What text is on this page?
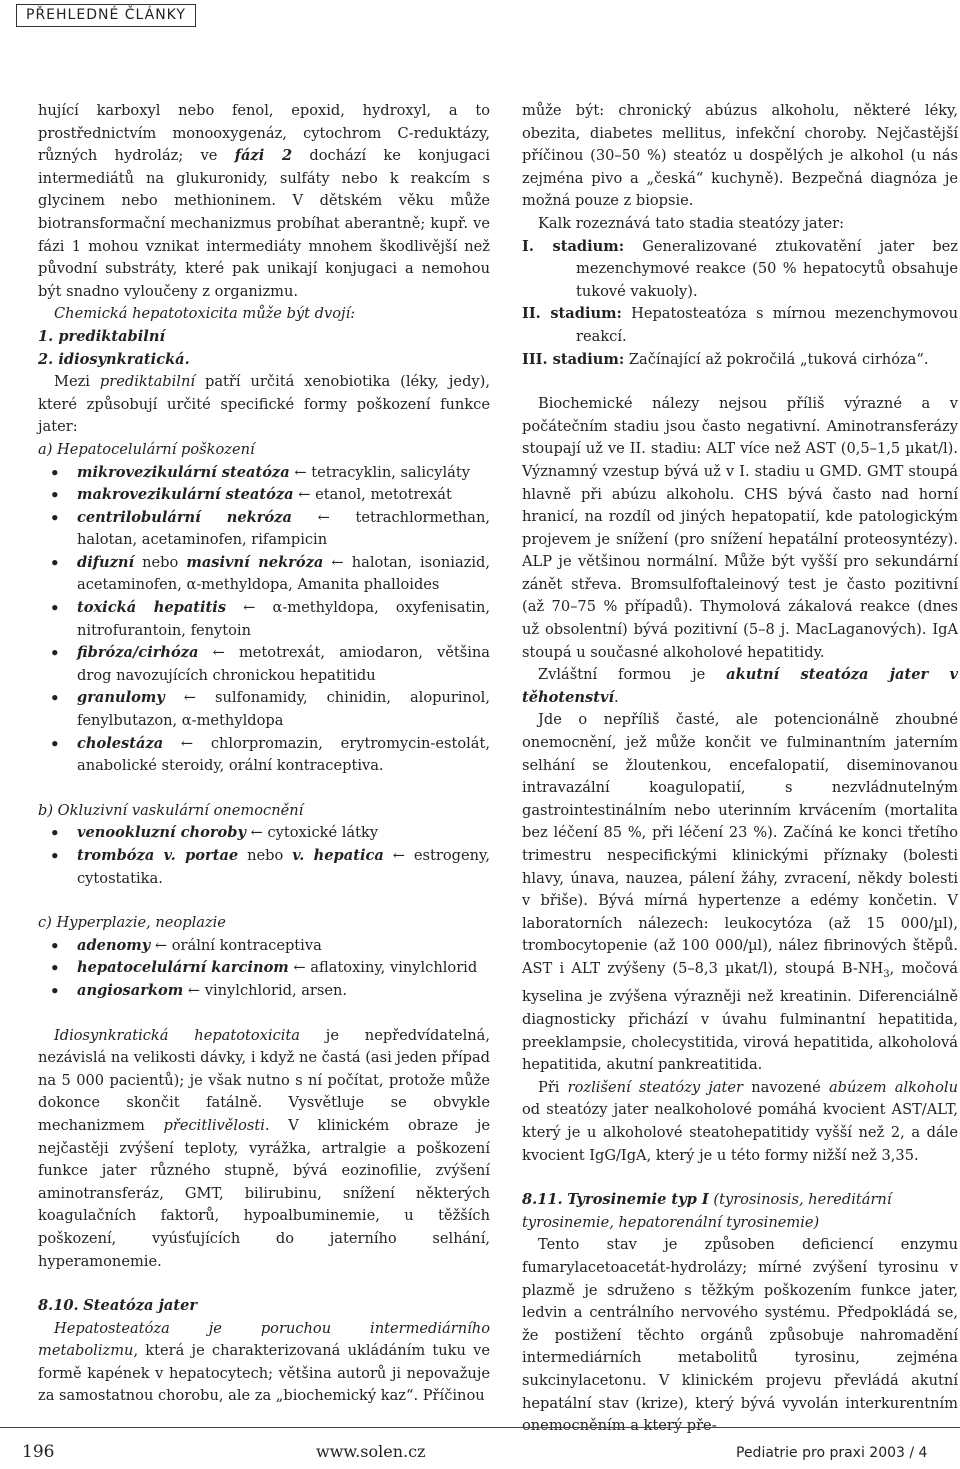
PŘEHLEDNÉ ČLÁNKY

hující karboxyl nebo fenol, epoxid, hydroxyl, a to prostřednictvím monooxygenáz, cytochrom C-reduktázy, různých hydroláz; ve fázi 2 dochází ke konjugaci intermediátů na glukuronidy, sulfáty nebo k reakcím s glycinem nebo methioninem. V dětském věku může biotransformační mechanizmus probíhat aberantně; kupř. ve fázi 1 mohou vznikat intermediáty mnohem škodlivější než původní substráty, které pak unikají konjugaci a nemohou být snadno vyloučeny z organizmu.

Chemická hepatotoxicita může být dvojí:

1. prediktabilní

2. idiosynkratická.

Mezi prediktabilní patří určitá xenobiotika (léky, jedy), které způsobují určité specifické formy poškození funkce jater:

a) Hepatocelulární poškození

• mikrovezikulární steatóza ← tetracyklin, salicyláty
• makrovezikulární steatóza ← etanol, metotrexát
• centrilobulární nekróza ← tetrachlormethan, halotan, acetaminofen, rifampicin
• difuzní nebo masivní nekróza ← halotan, isoniazid, acetaminofen, α-methyldopa, Amanita phalloides
• toxická hepatitis ← α-methyldopa, oxyfenisatin, nitrofurantoin, fenytoin
• fibróza/cirhóza ← metotrexát, amiodaron, většina drog navozujících chronickou hepatitidu
• granulomy ← sulfonamidy, chinidin, alopurinol, fenylbutazon, α-methyldopa
• cholestáza ← chlorpromazin, erytromycin-estolát, anabolické steroidy, orální kontraceptiva.

b) Okluzivní vaskulární onemocnění

• venookluzní choroby ← cytoxické látky
• trombóza v. portae nebo v. hepatica ← estrogeny, cytostatika.

c) Hyperplazie, neoplazie

• adenomy ← orální kontraceptiva
• hepatocelulární karcinom ← aflatoxiny, vinylchlorid
• angiosarkom ← vinylchlorid, arsen.

Idiosynkratická hepatotoxicita je nepředvídatelná, nezávislá na velikosti dávky, i když ne častá (asi jeden případ na 5 000 pacientů); je však nutno s ní počítat, protože může dokonce skončit fatálně. Vysvětluje se obvykle mechanizmem přecitlivělosti. V klinickém obraze je nejčastěji zvýšení teploty, vyrážka, artralgie a poškození funkce jater různého stupně, bývá eozinofilie, zvýšení aminotransferáz, GMT, bilirubinu, snížení některých koagulačních faktorů, hypoalbuminemie, u těžších poškození, vyúsťujících do jaterního selhání, hyperamonemie.

8.10. Steatóza jater

Hepatosteatóza je poruchou intermediárního metabolizmu, která je charakterizovaná ukládáním tuku ve formě kapének v hepatocytech; většina autorů ji nepovažuje za samostatnou chorobu, ale za „biochemický kaz“. Příčinou

může být: chronický abúzus alkoholu, některé léky, obezita, diabetes mellitus, infekční choroby. Nejčastější příčinou (30–50 %) steatóz u dospělých je alkohol (u nás zejména pivo a „česká“ kuchyně). Bezpečná diagnóza je možná pouze z biopsie.

Kalk rozeznává tato stadia steatózy jater:

I. stadium: Generalizované ztukovatění jater bez mezenchymové reakce (50 % hepatocytů obsahuje tukové vakuoly).

II. stadium: Hepatosteatóza s mírnou mezenchymovou reakcí.

III. stadium: Začínající až pokročilá „tuková cirhóza“.

Biochemické nálezy nejsou příliš výrazné a v počátečním stadiu jsou často negativní. Aminotransferázy stoupají už ve II. stadiu: ALT více než AST (0,5–1,5 µkat/l). Významný vzestup bývá už v I. stadiu u GMD. GMT stoupá hlavně při abúzu alkoholu. CHS bývá často nad horní hranicí, na rozdíl od jiných hepatopatií, kde patologickým projevem je snížení (pro snížení hepatální proteosyntézy). ALP je většinou normální. Může být vyšší pro sekundární zánět střeva. Bromsulfoftaleinový test je často pozitivní (až 70–75 % případů). Thymolová zákalová reakce (dnes už obsolentní) bývá pozitivní (5–8 j. MacLaganových). IgA stoupá u současné alkoholové hepatitidy.

Zvláštní formou je akutní steatóza jater v těhotenství.

Jde o nepříliš časté, ale potencionálně zhoubné onemocnění, jež může končit ve fulminantním jaterním selhání se žloutenkou, encefalopatií, diseminovanou intravazální koagulopatií, s nezvládnutelným gastrointestinálním nebo uterinním krvácením (mortalita bez léčení 85 %, při léčení 23 %). Začíná ke konci třetího trimestru nespecifickými klinickými příznaky (bolesti hlavy, únava, nauzea, pálení žáhy, zvracení, někdy bolesti v břiše). Bývá mírná hypertenze a edémy končetin. V laboratorních nálezech: leukocytóza (až 15 000/µl), trombocytopenie (až 100 000/µl), nález fibrinových štěpů. AST i ALT zvýšeny (5–8,3 µkat/l), stoupá $B-NH_3$, močová kyselina je zvýšena výrazněji než kreatinin. Diferenciálně diagnosticky přichází v úvahu fulminantní hepatitida, preeklampsie, cholecystitida, virová hepatitida, alkoholová hepatitida, akutní pankreatitida.

Při rozlišení steatózy jater navozené abúzem alkoholu od steatózy jater nealkoholové pomáhá kvocient AST/ALT, který je u alkoholové steatohepatitidy vyšší než 2, a dále kvocient IgG/IgA, který je u této formy nižší než 3,35.

8.11. Tyrosinemie typ I (tyrosinosis, hereditární

tyrosinemie, hepatorenální tyrosinemie)

Tento stav je způsoben deficiencí enzymu fumarylacetoacetát-hydrolázy; mírné zvýšení tyrosinu v plazmě je sdruženo s těžkým poškozením funkce jater, ledvin a centrálního nervového systému. Předpokládá se, že postižení těchto orgánů způsobuje nahromadění intermediárních metabolitů tyrosinu, zejména sukcinylacetonu. V klinickém projevu převládá akutní hepatální stav (krize), který bývá vyvolán interkurentním onemocněním a který pře-

196	www.solen.cz	Pediatrie pro praxi 2003 / 4
